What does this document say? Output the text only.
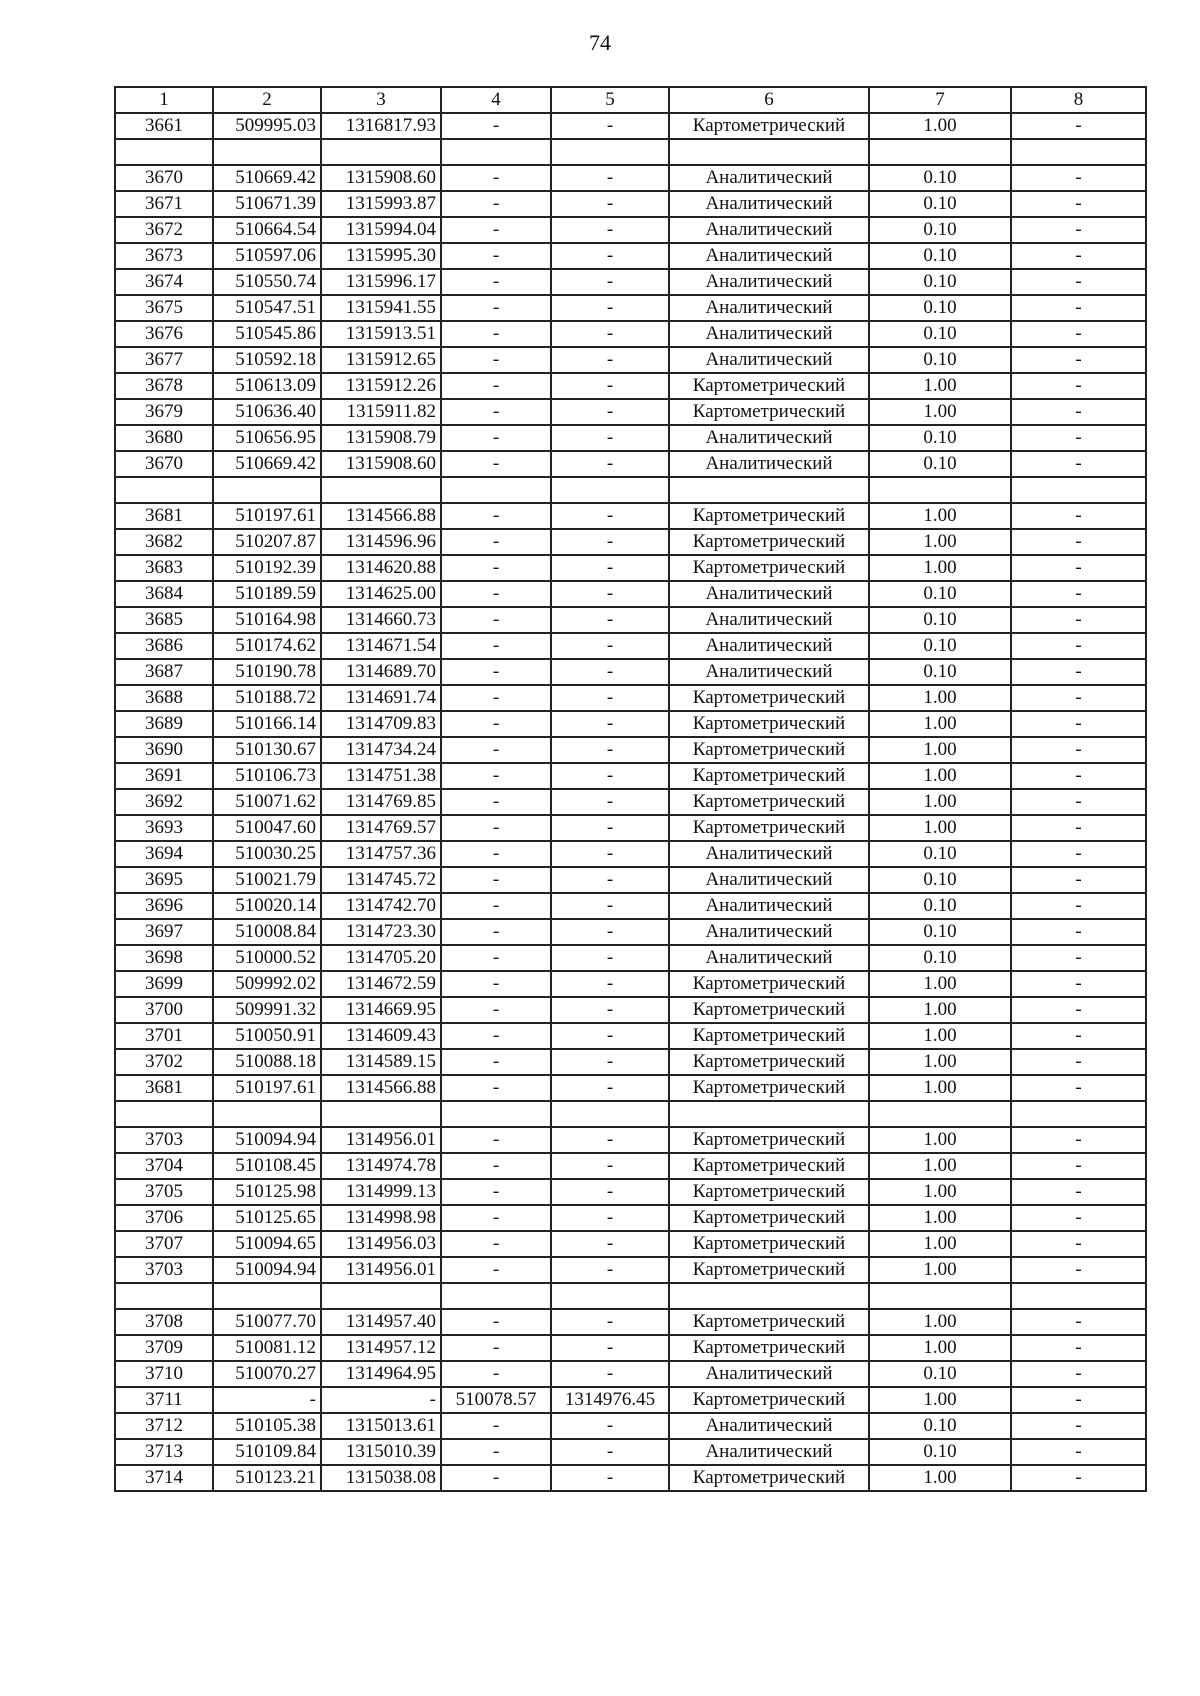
74
1	2	3	4	5	6	7	8
3661	509995.03	1316817.93	-	-	Картометрический	1.00	-

3670	510669.42	1315908.60	-	-	Аналитический	0.10	-
3671	510671.39	1315993.87	-	-	Аналитический	0.10	-
3672	510664.54	1315994.04	-	-	Аналитический	0.10	-
3673	510597.06	1315995.30	-	-	Аналитический	0.10	-
3674	510550.74	1315996.17	-	-	Аналитический	0.10	-
3675	510547.51	1315941.55	-	-	Аналитический	0.10	-
3676	510545.86	1315913.51	-	-	Аналитический	0.10	-
3677	510592.18	1315912.65	-	-	Аналитический	0.10	-
3678	510613.09	1315912.26	-	-	Картометрический	1.00	-
3679	510636.40	1315911.82	-	-	Картометрический	1.00	-
3680	510656.95	1315908.79	-	-	Аналитический	0.10	-
3670	510669.42	1315908.60	-	-	Аналитический	0.10	-

3681	510197.61	1314566.88	-	-	Картометрический	1.00	-
3682	510207.87	1314596.96	-	-	Картометрический	1.00	-
3683	510192.39	1314620.88	-	-	Картометрический	1.00	-
3684	510189.59	1314625.00	-	-	Аналитический	0.10	-
3685	510164.98	1314660.73	-	-	Аналитический	0.10	-
3686	510174.62	1314671.54	-	-	Аналитический	0.10	-
3687	510190.78	1314689.70	-	-	Аналитический	0.10	-
3688	510188.72	1314691.74	-	-	Картометрический	1.00	-
3689	510166.14	1314709.83	-	-	Картометрический	1.00	-
3690	510130.67	1314734.24	-	-	Картометрический	1.00	-
3691	510106.73	1314751.38	-	-	Картометрический	1.00	-
3692	510071.62	1314769.85	-	-	Картометрический	1.00	-
3693	510047.60	1314769.57	-	-	Картометрический	1.00	-
3694	510030.25	1314757.36	-	-	Аналитический	0.10	-
3695	510021.79	1314745.72	-	-	Аналитический	0.10	-
3696	510020.14	1314742.70	-	-	Аналитический	0.10	-
3697	510008.84	1314723.30	-	-	Аналитический	0.10	-
3698	510000.52	1314705.20	-	-	Аналитический	0.10	-
3699	509992.02	1314672.59	-	-	Картометрический	1.00	-
3700	509991.32	1314669.95	-	-	Картометрический	1.00	-
3701	510050.91	1314609.43	-	-	Картометрический	1.00	-
3702	510088.18	1314589.15	-	-	Картометрический	1.00	-
3681	510197.61	1314566.88	-	-	Картометрический	1.00	-

3703	510094.94	1314956.01	-	-	Картометрический	1.00	-
3704	510108.45	1314974.78	-	-	Картометрический	1.00	-
3705	510125.98	1314999.13	-	-	Картометрический	1.00	-
3706	510125.65	1314998.98	-	-	Картометрический	1.00	-
3707	510094.65	1314956.03	-	-	Картометрический	1.00	-
3703	510094.94	1314956.01	-	-	Картометрический	1.00	-

3708	510077.70	1314957.40	-	-	Картометрический	1.00	-
3709	510081.12	1314957.12	-	-	Картометрический	1.00	-
3710	510070.27	1314964.95	-	-	Аналитический	0.10	-
3711	-	-	510078.57	1314976.45	Картометрический	1.00	-
3712	510105.38	1315013.61	-	-	Аналитический	0.10	-
3713	510109.84	1315010.39	-	-	Аналитический	0.10	-
3714	510123.21	1315038.08	-	-	Картометрический	1.00	-
